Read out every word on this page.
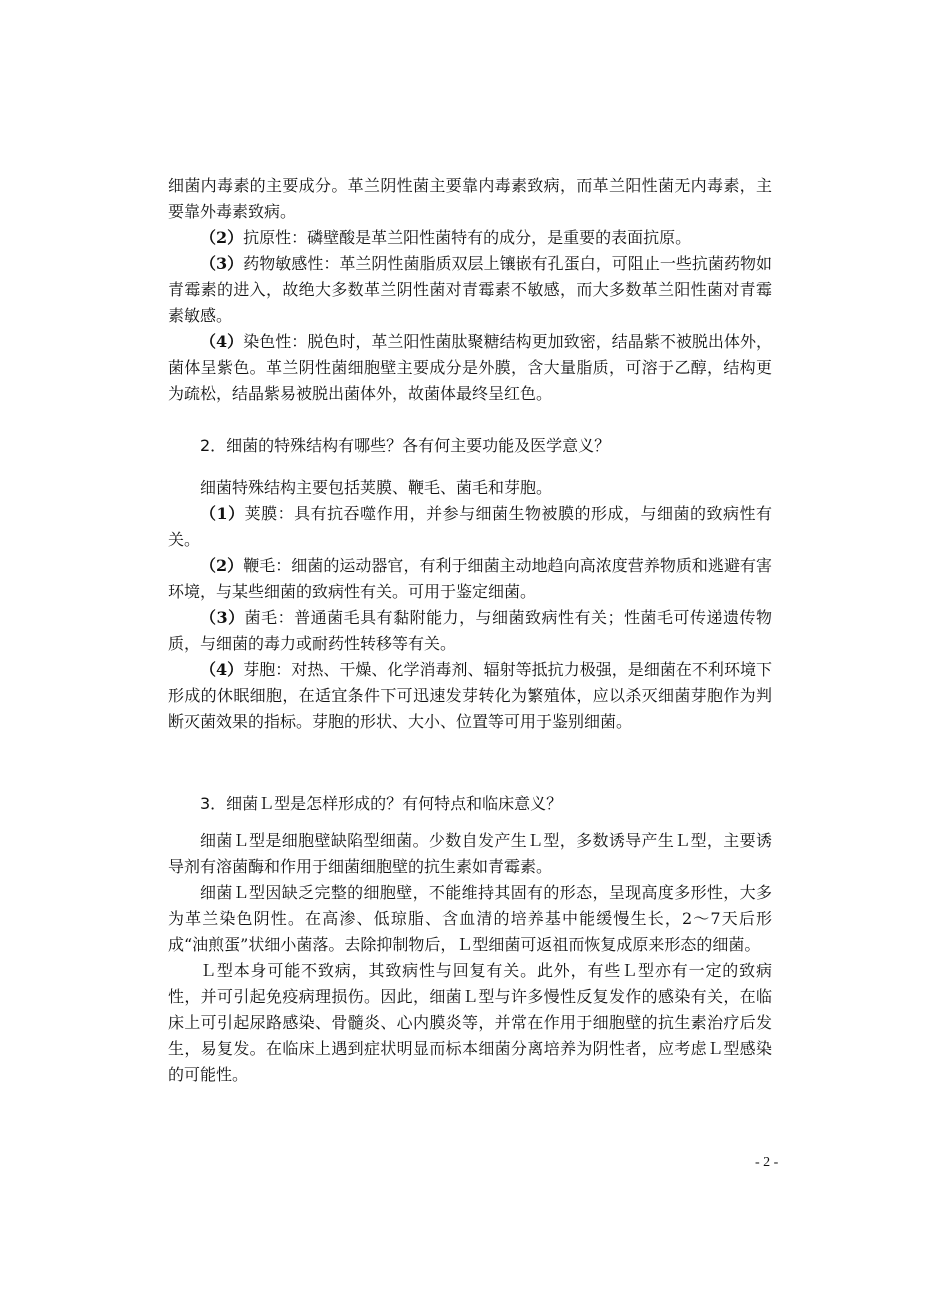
细菌内毒素的主要成分。革兰阴性菌主要靠内毒素致病，而革兰阳性菌无内毒素，主要靠外毒素致病。

（2）抗原性：磷壁酸是革兰阳性菌特有的成分，是重要的表面抗原。

（3）药物敏感性：革兰阴性菌脂质双层上镶嵌有孔蛋白，可阻止一些抗菌药物如青霉素的进入，故绝大多数革兰阴性菌对青霉素不敏感，而大多数革兰阳性菌对青霉素敏感。

（4）染色性：脱色时，革兰阳性菌肽聚糖结构更加致密，结晶紫不被脱出体外，菌体呈紫色。革兰阴性菌细胞壁主要成分是外膜，含大量脂质，可溶于乙醇，结构更为疏松，结晶紫易被脱出菌体外，故菌体最终呈红色。

2．细菌的特殊结构有哪些？各有何主要功能及医学意义？

细菌特殊结构主要包括荚膜、鞭毛、菌毛和芽胞。

（1）荚膜：具有抗吞噬作用，并参与细菌生物被膜的形成，与细菌的致病性有关。

（2）鞭毛：细菌的运动器官，有利于细菌主动地趋向高浓度营养物质和逃避有害环境，与某些细菌的致病性有关。可用于鉴定细菌。

（3）菌毛：普通菌毛具有黏附能力，与细菌致病性有关；性菌毛可传递遗传物质，与细菌的毒力或耐药性转移等有关。

（4）芽胞：对热、干燥、化学消毒剂、辐射等抵抗力极强，是细菌在不利环境下形成的休眠细胞，在适宜条件下可迅速发芽转化为繁殖体，应以杀灭细菌芽胞作为判断灭菌效果的指标。芽胞的形状、大小、位置等可用于鉴别细菌。

3．细菌Ｌ型是怎样形成的？有何特点和临床意义？

细菌Ｌ型是细胞壁缺陷型细菌。少数自发产生Ｌ型，多数诱导产生Ｌ型，主要诱导剂有溶菌酶和作用于细菌细胞壁的抗生素如青霉素。

细菌Ｌ型因缺乏完整的细胞壁，不能维持其固有的形态，呈现高度多形性，大多为革兰染色阴性。在高渗、低琼脂、含血清的培养基中能缓慢生长，2～7天后形成“油煎蛋”状细小菌落。去除抑制物后，Ｌ型细菌可返祖而恢复成原来形态的细菌。

Ｌ型本身可能不致病，其致病性与回复有关。此外，有些Ｌ型亦有一定的致病性，并可引起免疫病理损伤。因此，细菌Ｌ型与许多慢性反复发作的感染有关，在临床上可引起尿路感染、骨髓炎、心内膜炎等，并常在作用于细胞壁的抗生素治疗后发生，易复发。在临床上遇到症状明显而标本细菌分离培养为阴性者，应考虑Ｌ型感染的可能性。

- 2 -
